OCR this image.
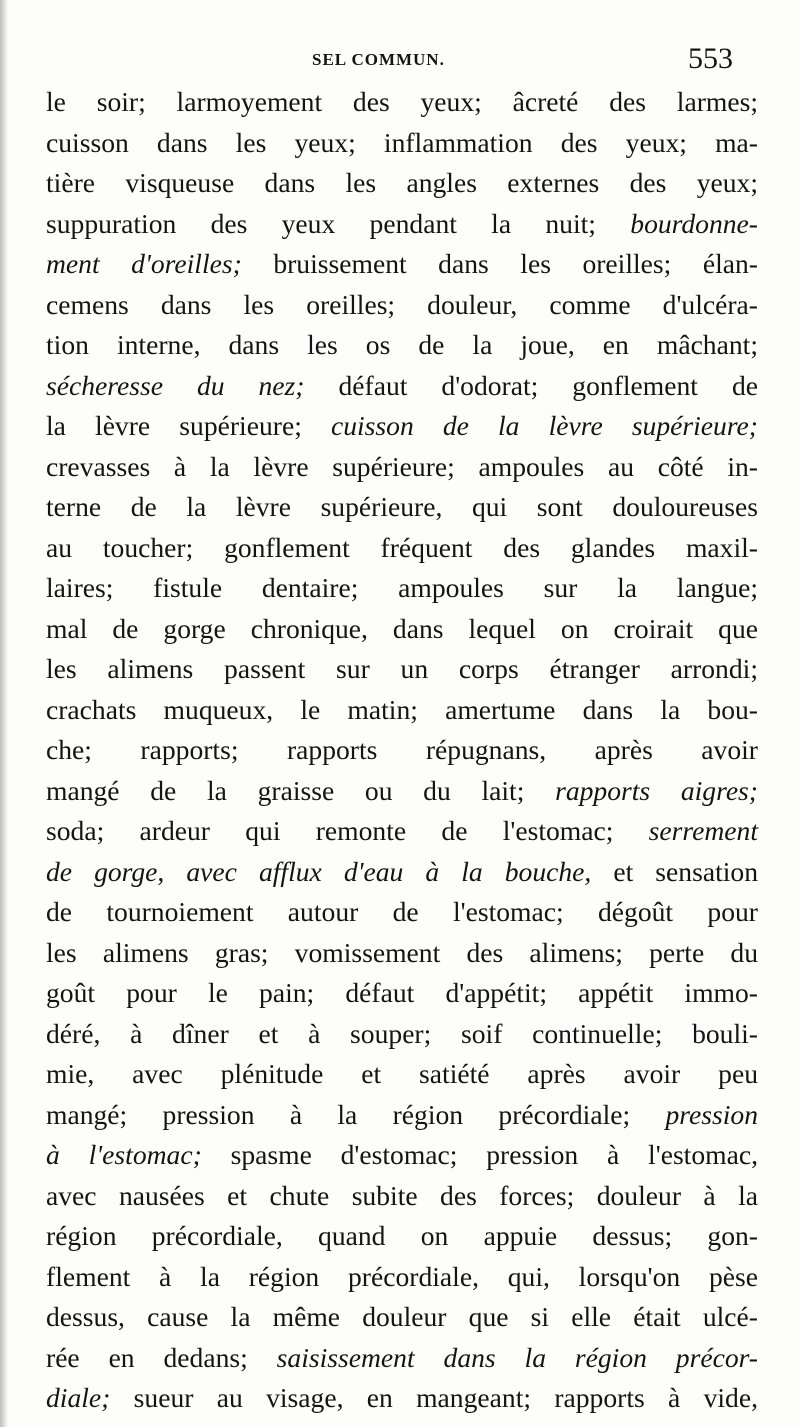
SEL COMMUN.	553
le soir; larmoyement des yeux; âcreté des larmes;
cuisson dans les yeux; inflammation des yeux; ma-
tière visqueuse dans les angles externes des yeux;
suppuration des yeux pendant la nuit; bourdonne-
ment d'oreilles; bruissement dans les oreilles; élan-
cemens dans les oreilles; douleur, comme d'ulcéra-
tion interne, dans les os de la joue, en mâchant;
sécheresse du nez; défaut d'odorat; gonflement de
la lèvre supérieure; cuisson de la lèvre supérieure;
crevasses à la lèvre supérieure; ampoules au côté in-
terne de la lèvre supérieure, qui sont douloureuses
au toucher; gonflement fréquent des glandes maxil-
laires; fistule dentaire; ampoules sur la langue;
mal de gorge chronique, dans lequel on croirait que
les alimens passent sur un corps étranger arrondi;
crachats muqueux, le matin; amertume dans la bou-
che; rapports; rapports répugnans, après avoir
mangé de la graisse ou du lait; rapports aigres;
soda; ardeur qui remonte de l'estomac; serrement
de gorge, avec afflux d'eau à la bouche, et sensation
de tournoiement autour de l'estomac; dégoût pour
les alimens gras; vomissement des alimens; perte du
goût pour le pain; défaut d'appétit; appétit immo-
déré, à dîner et à souper; soif continuelle; bouli-
mie, avec plénitude et satiété après avoir peu
mangé; pression à la région précordiale; pression
à l'estomac; spasme d'estomac; pression à l'estomac,
avec nausées et chute subite des forces; douleur à la
région précordiale, quand on appuie dessus; gon-
flement à la région précordiale, qui, lorsqu'on pèse
dessus, cause la même douleur que si elle était ulcé-
rée en dedans; saisissement dans la région précor-
diale; sueur au visage, en mangeant; rapports à vide,
